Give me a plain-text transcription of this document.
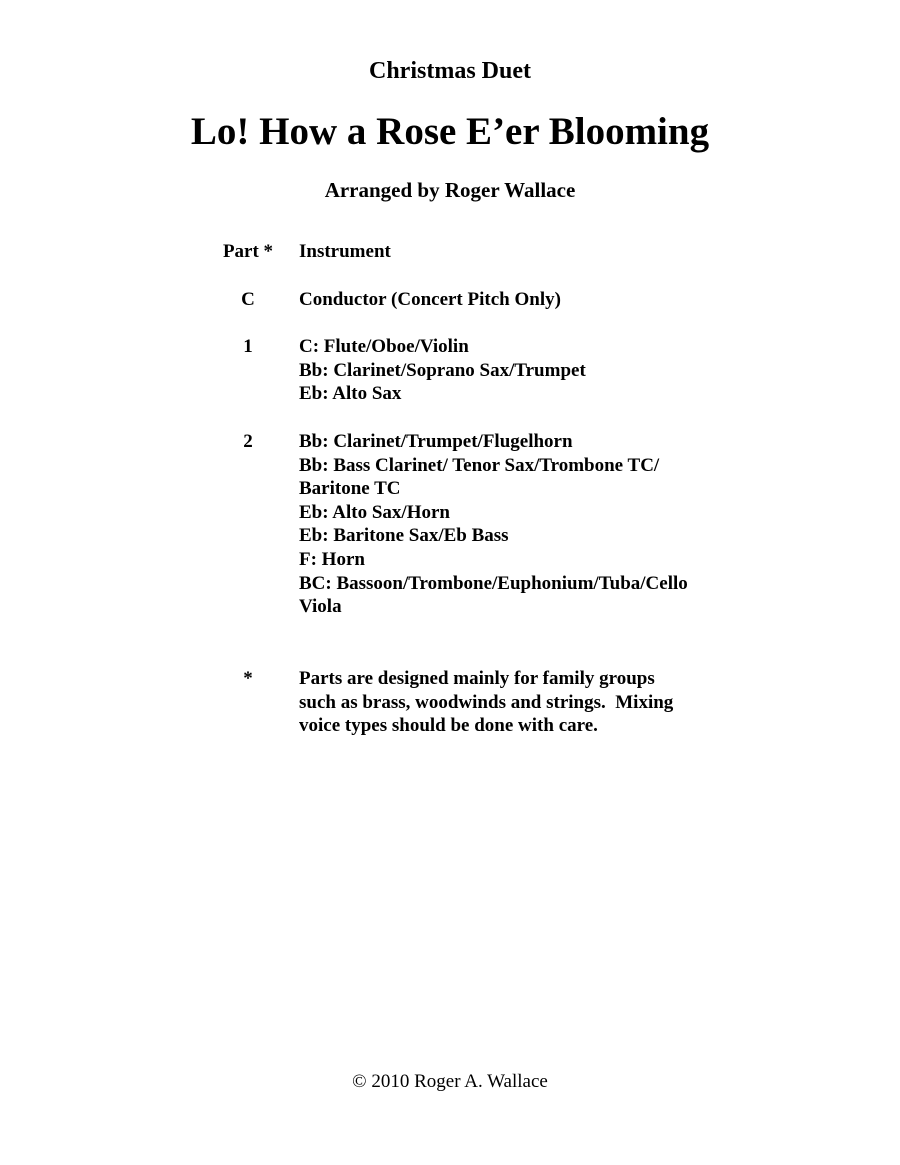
Christmas Duet
Lo! How a Rose E’er Blooming
Arranged by Roger Wallace
Part *	Instrument
C	Conductor (Concert Pitch Only)
1	C: Flute/Oboe/Violin
Bb: Clarinet/Soprano Sax/Trumpet
Eb: Alto Sax
2	Bb: Clarinet/Trumpet/Flugelhorn
Bb: Bass Clarinet/ Tenor Sax/Trombone TC/
Baritone TC
Eb: Alto Sax/Horn
Eb: Baritone Sax/Eb Bass
F: Horn
BC: Bassoon/Trombone/Euphonium/Tuba/Cello
Viola
*	Parts are designed mainly for family groups
such as brass, woodwinds and strings.  Mixing
voice types should be done with care.
© 2010 Roger A. Wallace
